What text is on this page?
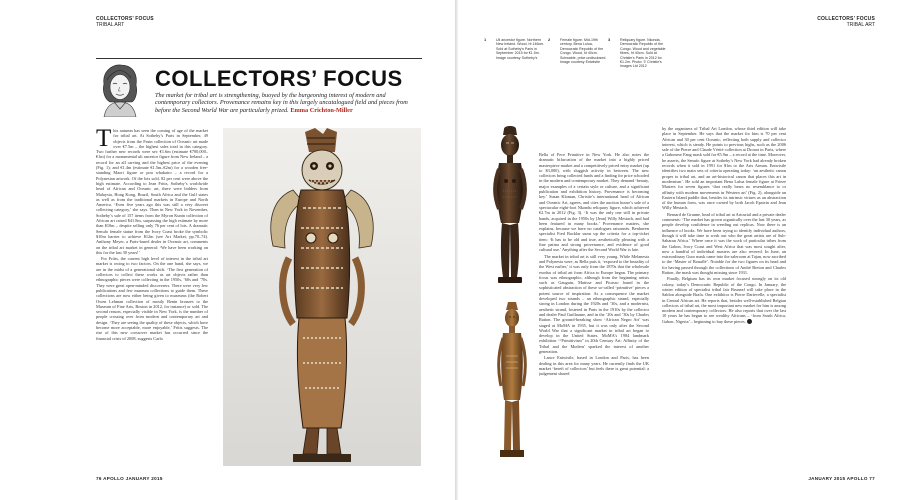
COLLECTORS’ FOCUS
TRIBAL ART
COLLECTORS’ FOCUS
The market for tribal art is strengthening, buoyed by the burgeoning interest of modern and contemporary collectors. Provenance remains key in this largely uncatalogued field and pieces from before the Second World War are particularly prized. Emma Crichton-Miller

This autumn has seen the coming of age of the market for tribal art. At Sotheby’s Paris in September, 49 objects from the Fruin collection of Oceanic art made over €7.5m – the highest sales total in this category. Two further new records were set: €1.6m (estimate €700,000–€1m) for a monumental uli ancestor figure from New Ireland – a record for an all carving and the highest price of the evening (Fig. 1); and €1.4m (estimate €1.5m–€2m) for a wooden free-standing Maori figure or pou whakairo – a record for a Polynesian artwork. Of the lots sold, 82 per cent were above the high estimate. According to Jean Fritts, Sotheby’s worldwide head of African and Oceanic art, there were bidders from Malaysia, Hong Kong, Brazil, South Africa and the Gulf states as well as from the traditional markets in Europe and North America. ‘Even five years ago this was still a very discreet collecting category,’ she says. Then in New York in November, Sotheby’s sale of 157 items from the Myron Kunin collection of African art raised $41.8m, surpassing the high estimate by more than $10m – despite selling only 76 per cent of lots. A dramatic Senufo female statue from the Ivory Coast broke the symbolic $10m barrier to achieve $12m (see Art Market, pp.70–74). Anthony Meyer, a Paris-based dealer in Oceanic art, comments on the tribal art market in general: ‘We have been working on this for the last 30 years!’

For Fritts, the current high level of interest in the tribal art market is owing to two factors. On the one hand, she says, we are in the midst of a generational shift. ‘The first generation of collectors to collect these works as art objects rather than ethnographic pieces were collecting in the 1950s, ’60s and ’70s. They were great open-minded discoverers. There were very few publications and few museum collections to guide them. These collections are now either being given to museums (the Robert Owen Lehman collection of mostly Benin bronzes to the Museum of Fine Arts, Boston in 2012, for instance) or sold. The second reason, especially visible in New York, is the number of people crossing over from modern and contemporary art and design. ‘They are seeing the quality of these objects, which have become more acceptable, more enjoyable,’ Fritts suggests. The rise of this new crossover market has occurred since the financial crisis of 2008, suggests Carlo

76 APOLLO JANUARY 2015
COLLECTORS’ FOCUS
TRIBAL ART
1	Uli ancestor figure. Northern New Ireland. Wood, ht 146cm. Sold at Sotheby’s Paris in September 2015 for €1.5m. Image courtesy Sotheby’s
2	Female figure. Mid-19th century. Bena Lulua, Democratic Republic of the Congo. Wood, ht 40cm. Schwable, price undisclosed. Image courtesy Entwistle
3	Reliquary figure. Nkonda, Democratic Republic of the Congo. Wood and vegetable fibres, ht 40cm. Sold at Christie’s Paris in 2012 for €1.2m. Photo: © Christie’s Images Ltd 2012

Bella of Fece Primitive in New York. He also notes the dramatic bifurcation of the market into a highly priced masterpiece market and a competitively priced entry market (up to $3,000), with sluggish activity in between. The new collectors bring collected funds and a finding for price schooled in the modern and contemporary market. They demand ‘beauty, major examples of a certain style or culture, and a significant publication and exhibition history. Provenance is becoming key.’ Susan Kloman, Christie’s international head of African and Oceanic Art, agrees, and cites the auction house’s sale of a spectacular eight-foot Nkondu reliquary figure, which achieved €2.7m in 2012 (Fig. 3). ‘It was the only one still in private hands, acquired in the 1950s by [Jean] Willy Mestach, and had been featured in many books.’ Provenance matters, she explains, because we have no catalogues raisonnés. Benhaven specialist Fred Backlar sums up the criteria for a top-ticket item: ‘It has to be old and true, aesthetically pleasing with a fine patina and strong provenance, and evidence of good cultural use.’ Anything after the Second World War is late.

The market in tribal art is still very young. While Melanesia and Polynesia were, as Bella puts it, ‘exposed to the brutality of the West earlier,’ it was only from the 1870s that the wholesale exodus of tribal art from Africa to Europe began. The primary focus was ethnographic, although from the beginning artists such as Gauguin, Matisse and Picasso found in the sophisticated abstraction of these so-called ‘primitive’ pieces a potent source of inspiration. As a consequence the market developed two strands – an ethnographic strand, especially strong in London during the 1920s and ’30s, and a modernist, aesthetic strand, fostered in Paris in the 1910s by the collector and dealer Paul Guillaume, and in the ’20s and ’30s by Charles Ratton. The ground-breaking show ‘African Negro Art’ was staged at MoMA in 1935, but it was only after the Second World War that a significant market in tribal art began to develop in the United States. MoMA’s 1984 landmark exhibition ‘“Primitivism” in 20th Century Art: Affinity of the Tribal and the Modern’ sparked the interest of another generation.

Lance Entwistle, based in London and Paris, has been dealing in this area for many years. He currently finds the UK market ‘bereft of collectors’ but feels there is great potential: a judgement shared

by the organisers of Tribal Art London, whose third edition will take place in September. He says that the market for him is 70 per cent African and 30 per cent Oceanic, reflecting both supply and collector interest, which is steady. He points to previous highs, such as the 2006 sale of the Pierre and Claude Vérité collection at Drouot in Paris, where a Gabonese Fang mask sold for €5.9m – a record at the time. Moreover, he asserts, the Senufo figure at Sotheby’s New York had already broken records when it sold in 1991 for $1m to the Arts Arman. Entwistle identifies two main sets of criteria operating today: ‘an aesthetic canon proper to tribal art, and an art-historical canon that places this art in modernism’. He sold an important Bena Lulua female figure at Frieze Masters for seven figures ‘that really bears no resemblance to or affinity with modern movements in Western art’ (Fig. 2), alongside an Eastern Island paddle that, besides its intrinsic virtues as an abstraction of the human form, was once owned by both Jacob Epstein and Jean Willy Mestach.

Bernard de Grunne, head of tribal art at Artcurial and a private dealer comments: ‘The market has grown organically over the last 30 years, as people develop confidence in weeding out replicas. Now there is an influence of books. We have been trying to identify individual authors, though it will take time to work out who the great artists are of Sub-Saharan Africa.’ Where once it was the work of particular tribes from the Gabon, Ivory Coast and West Africa that was most sought after, now a handful of individual masters are also revered. In June, an extraordinary Guro mask came into the saleroom at Tajan, now ascribed to the ‘Master of Bouaflé’. Notable for the two figures on its head and for having passed through the collections of André Breton and Charles Ratton, the mask was thought missing since 1931.

Finally, Belgium has its own market focused strongly on its old colony, today’s Democratic Republic of the Congo. In January, the winter edition of specialist tribal fair Bruneaf will take place in the Sablon alongside Brafa. One exhibitor is Pierre Dartevelle, a specialist in Central African art. He reports that, besides well-established Belgian collectors of tribal art, the most important new market for him is among modern and contemporary collectors. He also reports that over the last 10 years he has begun to see wealthy Africans – ‘from South Africa, Gabon, Nigeria’ – beginning to buy these pieces. A

JANUARY 2015 APOLLO 77
